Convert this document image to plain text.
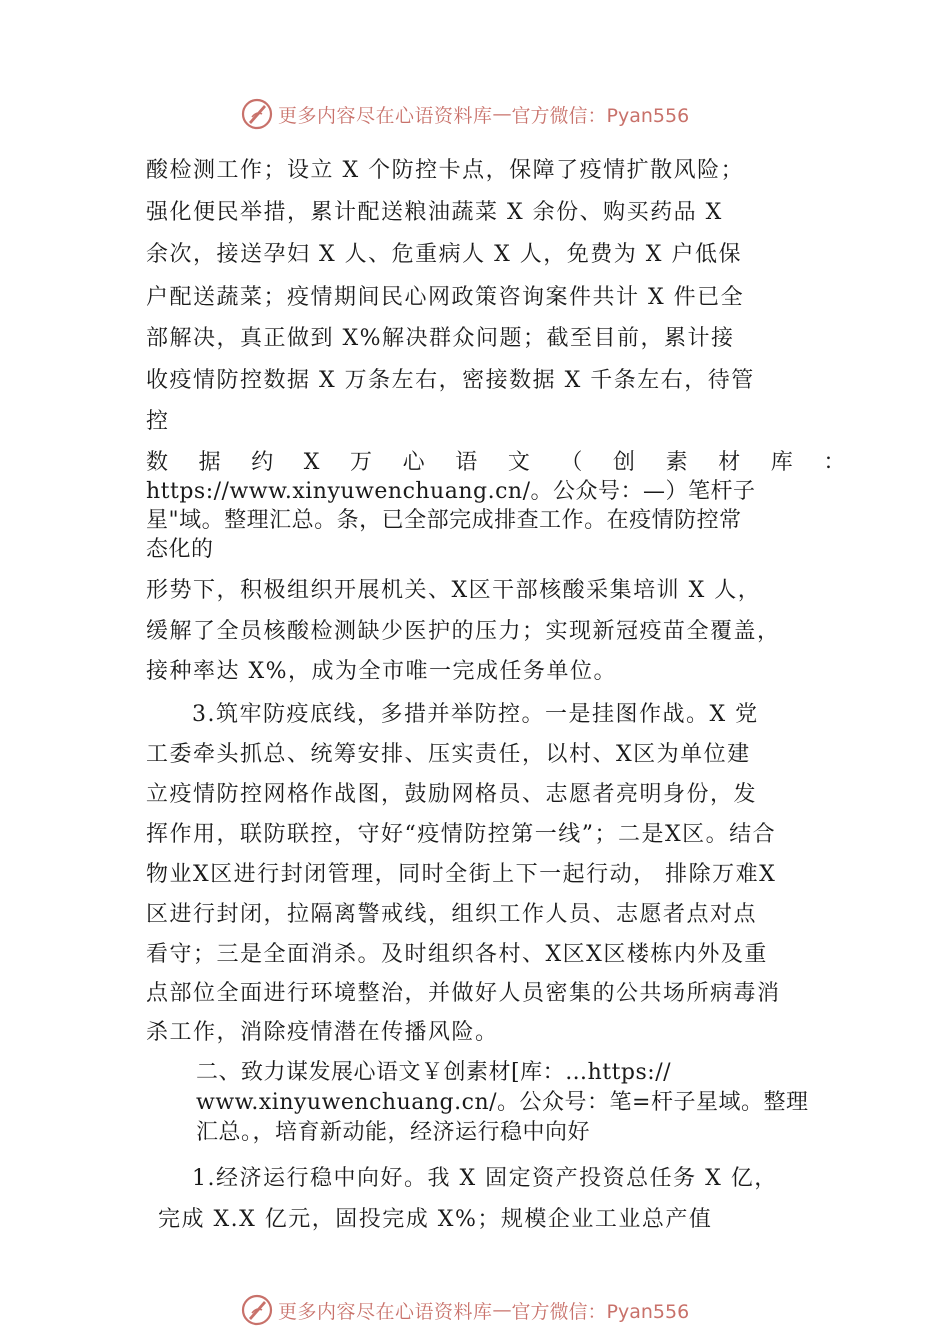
更多内容尽在心语资料库 — 官方微信：Pyan556
酸检测工作；设立 X 个防控卡点，保障了疫情扩散风险；
强化便民举措，累计配送粮油蔬菜 X 余份、购买药品 X
余次，接送孕妇 X 人、危重病人 X 人，免费为 X 户低保
户配送蔬菜；疫情期间民心网政策咨询案件共计 X 件已全
部解决，真正做到 X%解决群众问题；截至目前，累计接
收疫情防控数据 X 万条左右，密接数据 X 千条左右，待管
控
数 据 约 X 万 心 语 文 （ 创 素 材 库 ：
https://www.xinyuwenchuang.cn/。公众号：—）笔杆子
星"域。整理汇总。条，已全部完成排查工作。在疫情防控常
态化的
形势下，积极组织开展机关、X区干部核酸采集培训 X 人，
缓解了全员核酸检测缺少医护的压力；实现新冠疫苗全覆盖，
接种率达 X%，成为全市唯一完成任务单位。
3.筑牢防疫底线，多措并举防控。一是挂图作战。X 党
工委牵头抓总、统筹安排、压实责任，以村、X区为单位建
立疫情防控网格作战图，鼓励网格员、志愿者亮明身份，发
挥作用，联防联控，守好“疫情防控第一线”；二是X区。结合
物业X区进行封闭管理，同时全街上下一起行动， 排除万难X
区进行封闭，拉隔离警戒线，组织工作人员、志愿者点对点
看守；三是全面消杀。及时组织各村、X区X区楼栋内外及重
点部位全面进行环境整治，并做好人员密集的公共场所病毒消
杀工作，消除疫情潜在传播风险。
二、致力谋发展心语文￥创素材[库：…https://
www.xinyuwenchuang.cn/。公众号：笔=杆子星域。整理
汇总。，培育新动能，经济运行稳中向好
1.经济运行稳中向好。我 X 固定资产投资总任务 X 亿，
完成 X.X 亿元，固投完成 X%；规模企业工业总产值
更多内容尽在心语资料库 — 官方微信：Pyan556
